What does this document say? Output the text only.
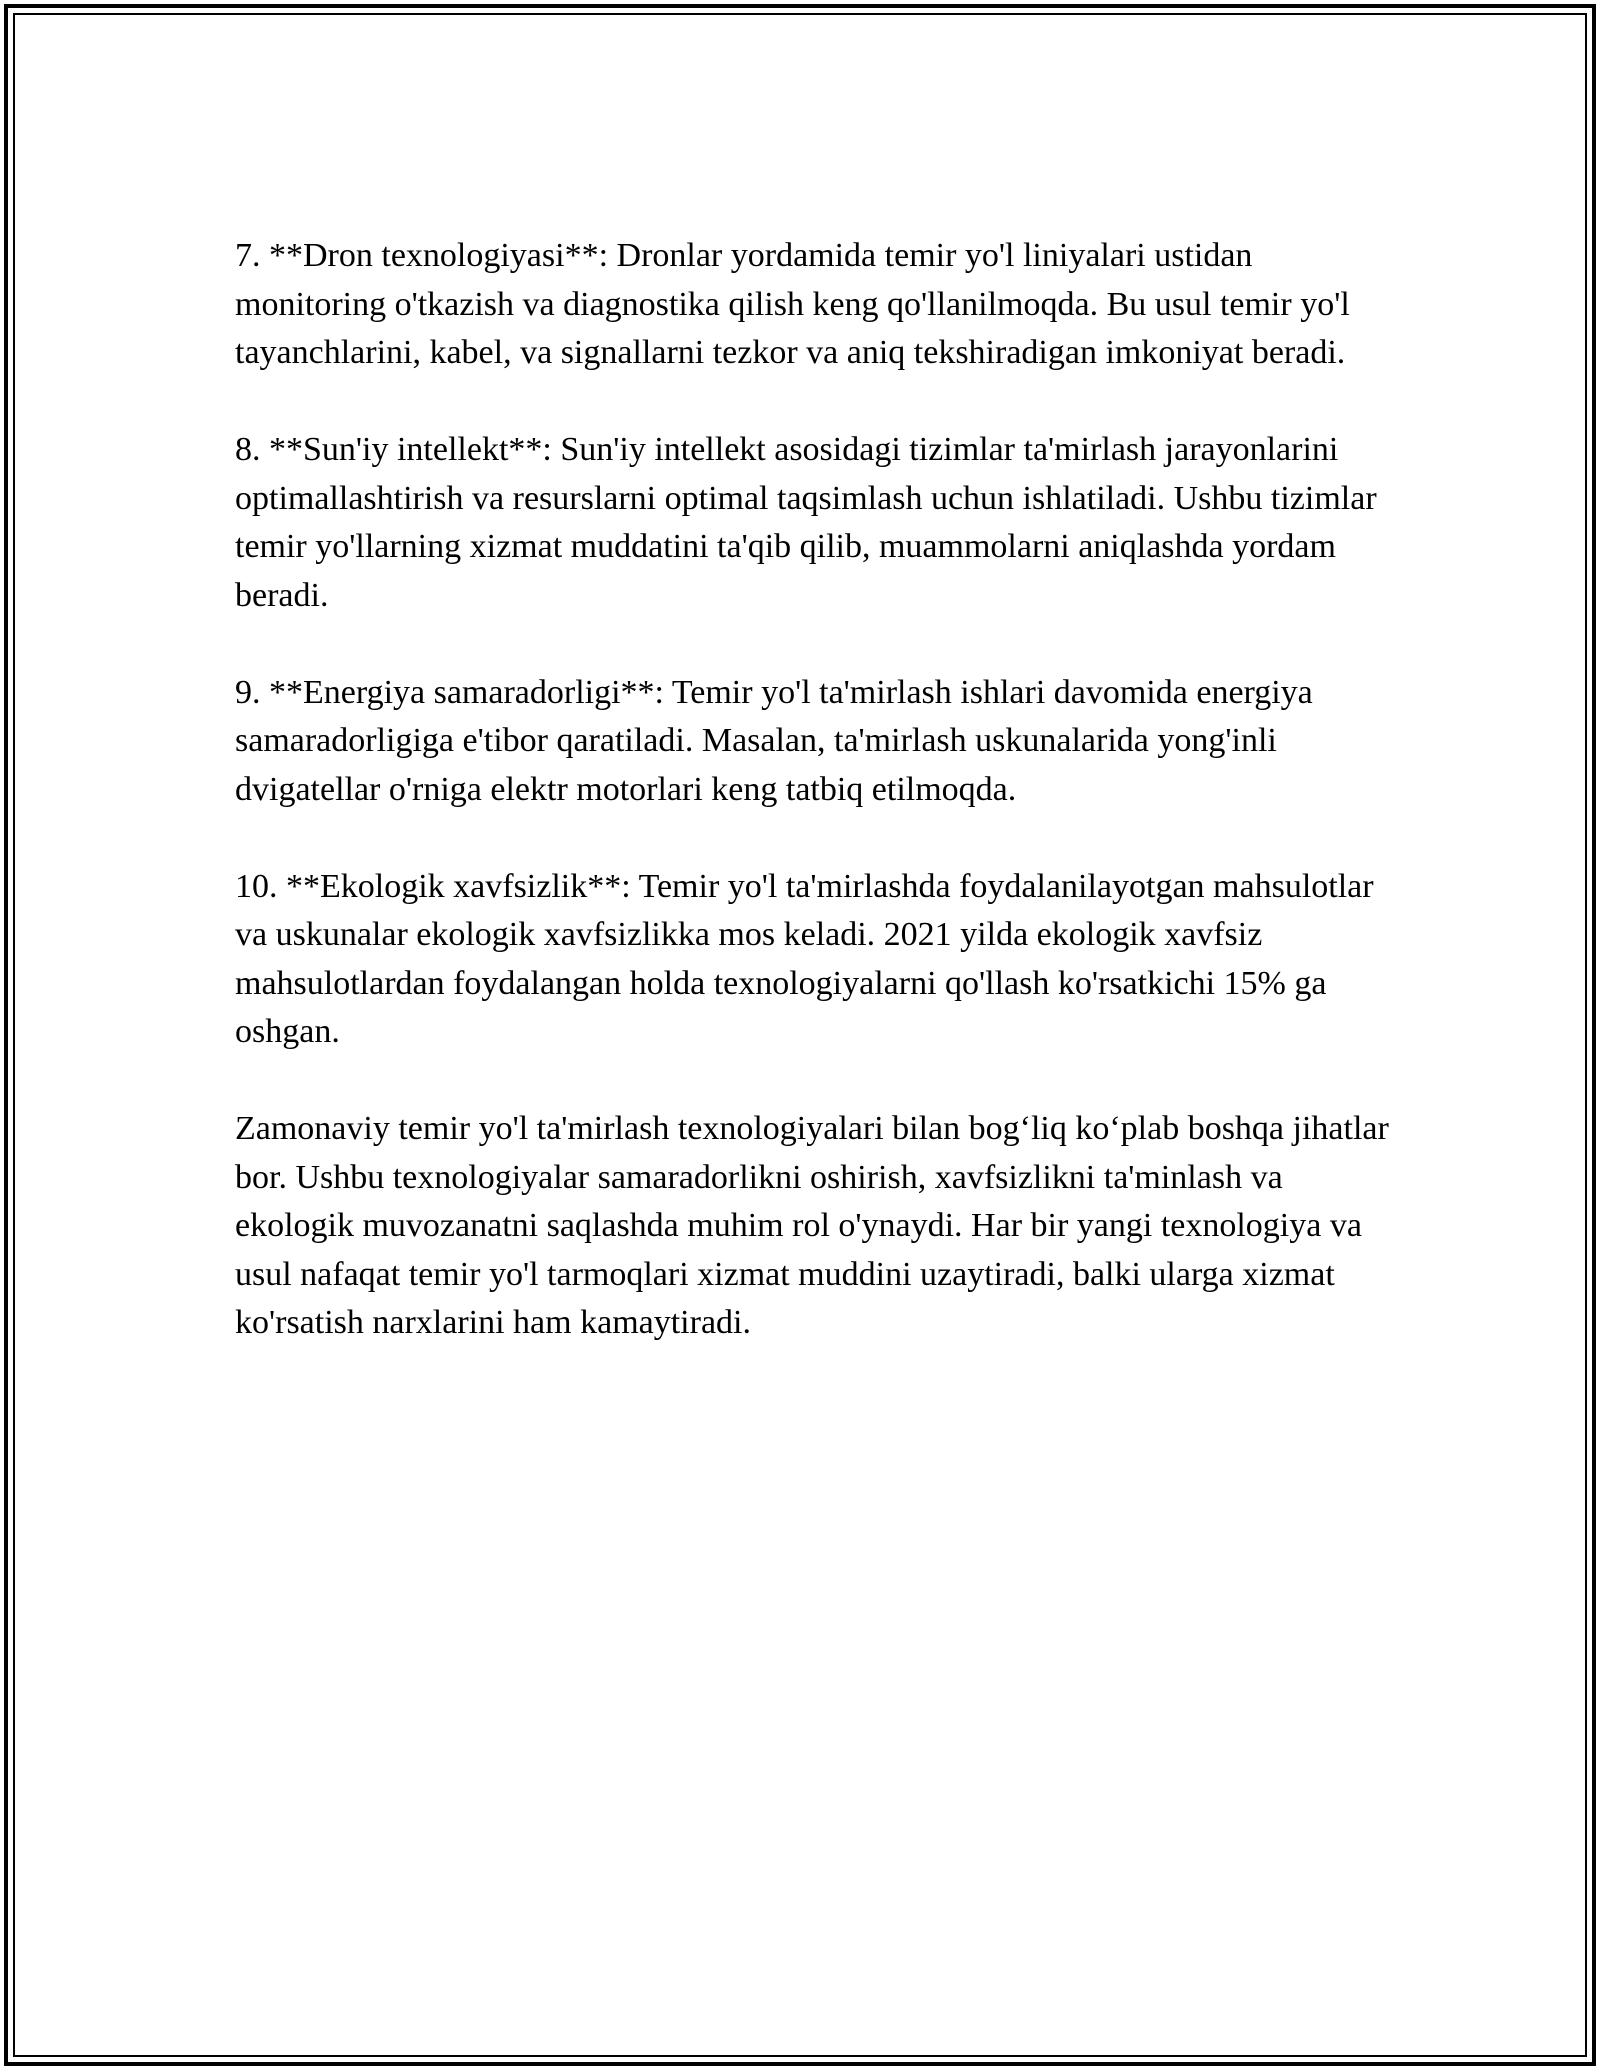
7. **Dron texnologiyasi**: Dronlar yordamida temir yo'l liniyalari ustidan monitoring o'tkazish va diagnostika qilish keng qo'llanilmoqda. Bu usul temir yo'l tayanchlarini, kabel, va signallarni tezkor va aniq tekshiradigan imkoniyat beradi.

8. **Sun'iy intellekt**: Sun'iy intellekt asosidagi tizimlar ta'mirlash jarayonlarini optimallashtirish va resurslarni optimal taqsimlash uchun ishlatiladi. Ushbu tizimlar temir yo'llarning xizmat muddatini ta'qib qilib, muammolarni aniqlashda yordam beradi.

9. **Energiya samaradorligi**: Temir yo'l ta'mirlash ishlari davomida energiya samaradorligiga e'tibor qaratiladi. Masalan, ta'mirlash uskunalarida yong'inli dvigatellar o'rniga elektr motorlari keng tatbiq etilmoqda.

10. **Ekologik xavfsizlik**: Temir yo'l ta'mirlashda foydalanilayotgan mahsulotlar va uskunalar ekologik xavfsizlikka mos keladi. 2021 yilda ekologik xavfsiz mahsulotlardan foydalangan holda texnologiyalarni qo'llash ko'rsatkichi 15% ga oshgan.

Zamonaviy temir yo'l ta'mirlash texnologiyalari bilan bog‘liq ko‘plab boshqa jihatlar bor. Ushbu texnologiyalar samaradorlikni oshirish, xavfsizlikni ta'minlash va ekologik muvozanatni saqlashda muhim rol o'ynaydi. Har bir yangi texnologiya va usul nafaqat temir yo'l tarmoqlari xizmat muddini uzaytiradi, balki ularga xizmat ko'rsatish narxlarini ham kamaytiradi.
